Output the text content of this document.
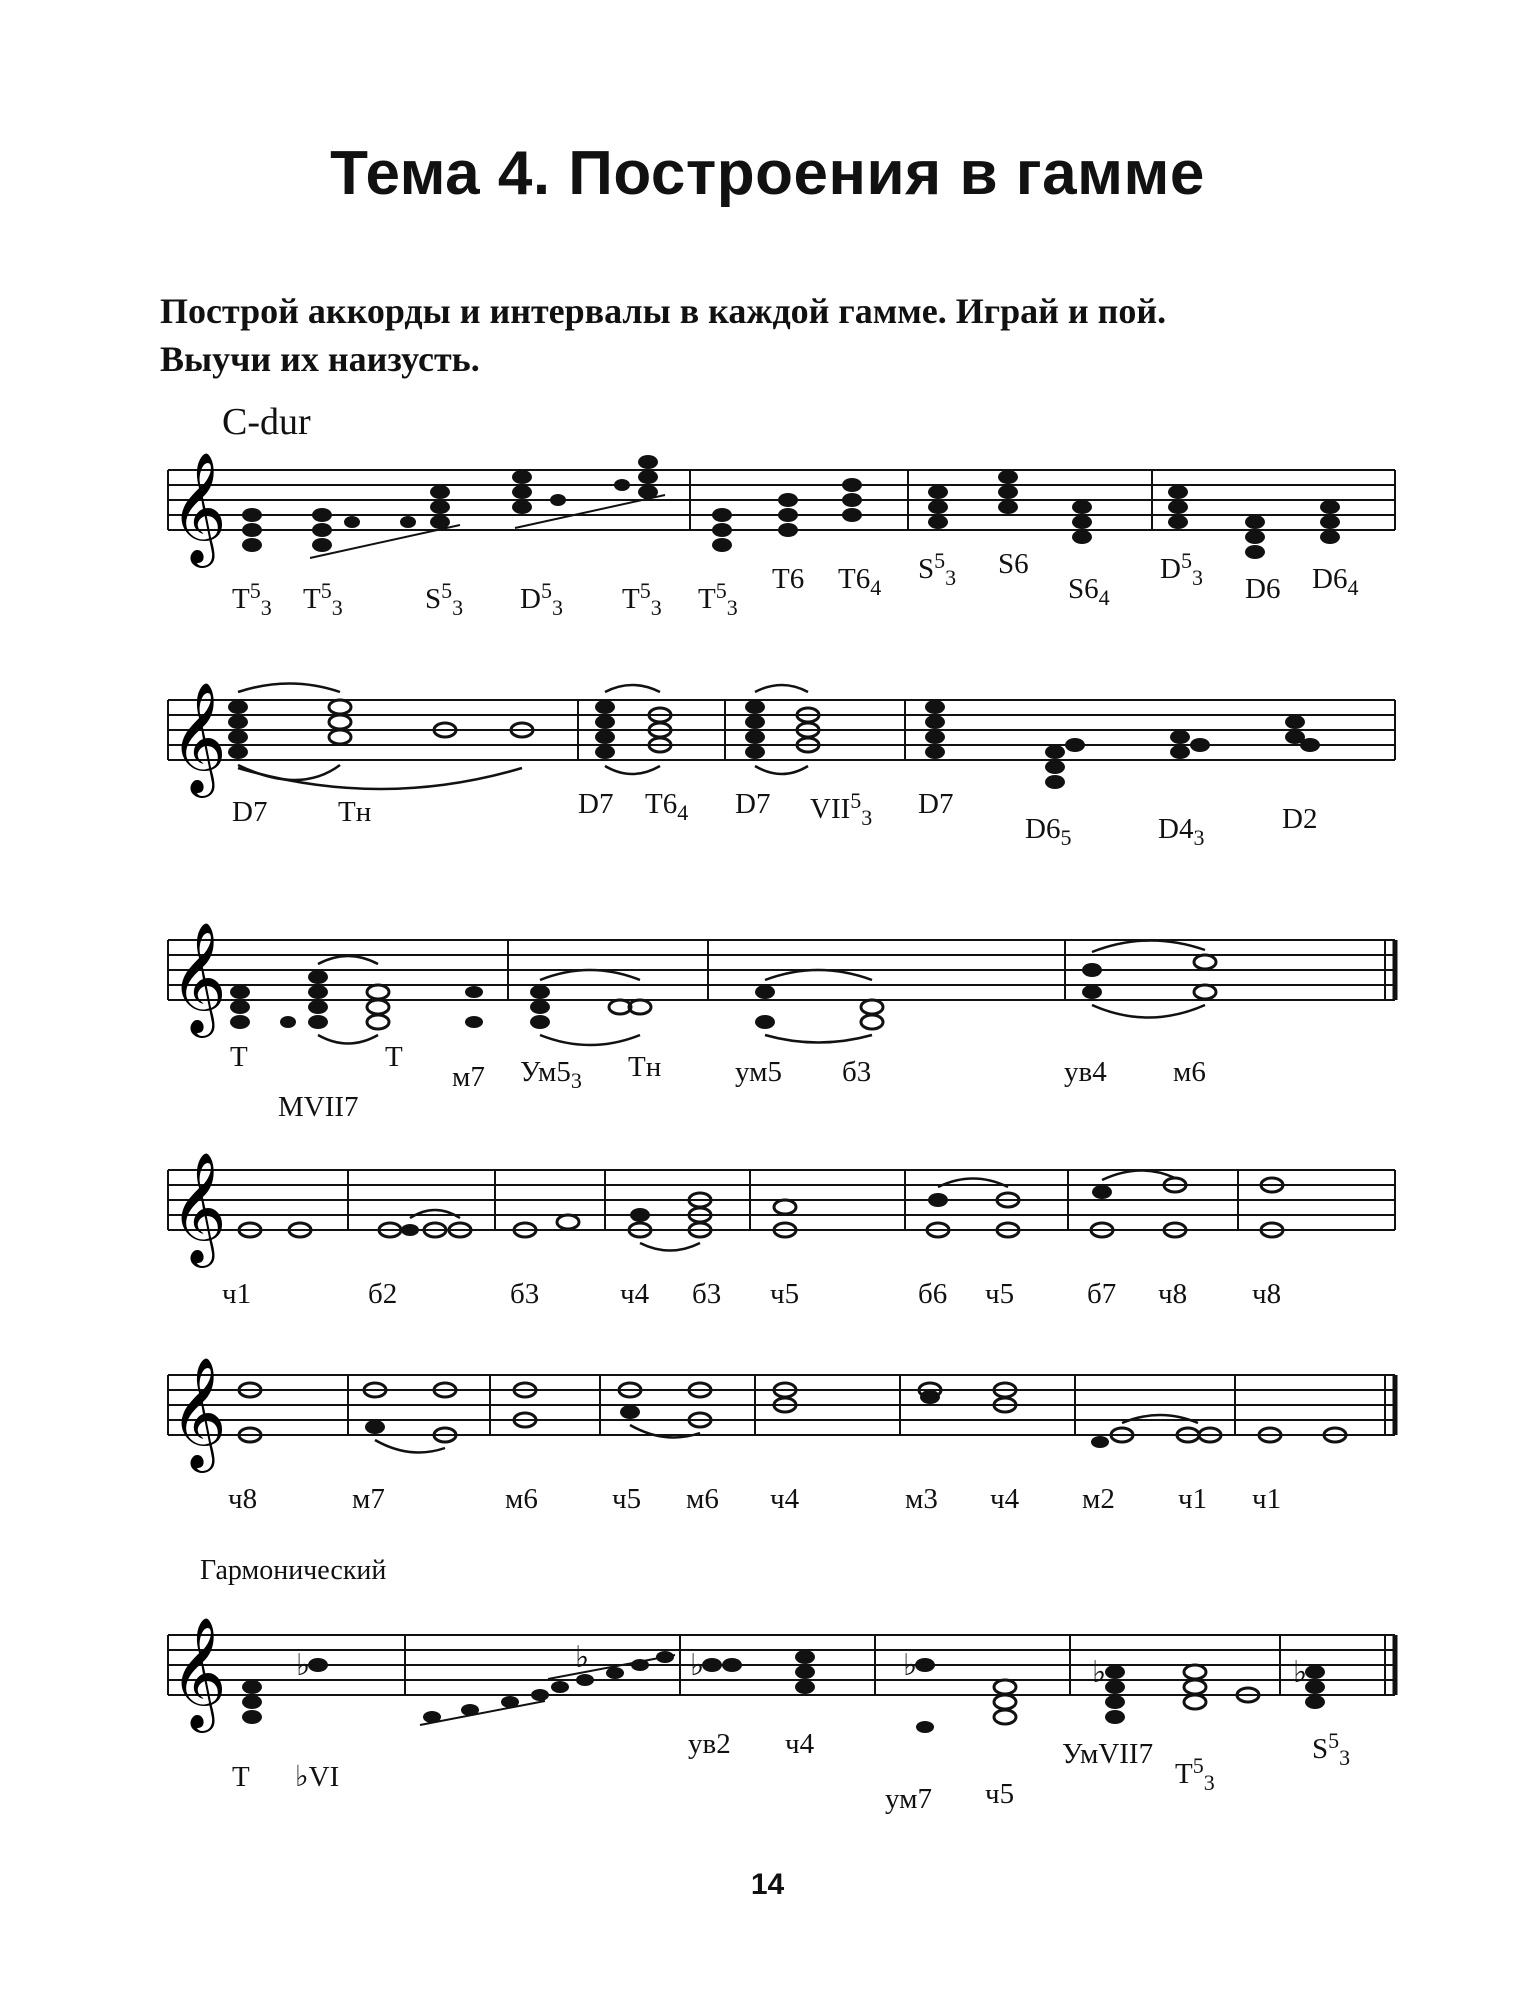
Тема 4. Построения в гамме
Построй аккорды и интервалы в каждой гамме. Играй и пой.
Выучи их наизусть.
C-dur
Гармонический
14
$T^5_3$ $T^5_3$	$S^5_3$ $D^5_3$ $T^5_3$ $T^5_3$
T6 $T6_4$
$S^5_3$ S6
$S6_4$
$D^5_3$ D6 $D6_4$
D7 Тн	D7 $T6_4$ D7 $VII^5_3$ D7
$D6_5$	$D4_3$
D2
T
MVII7
T
м7 $Ум5_3$ Тн	ум5 б3	ув4 м6
ч1	б2	б3	ч4 б3 ч5	б6 ч5	б7 ч8 ч8
ч8	м7	м6	ч5 м6 ч4	м3 ч4 м2 ч1 ч1
T ♭VI
ув2 ч4
ум7 ч5
УмVII7
$T^5_3$
$S^5_3$
𝄞
𝄞
𝄞
𝄞
𝄞
𝄞 ♭	♭	♭	♭	♭	♭
